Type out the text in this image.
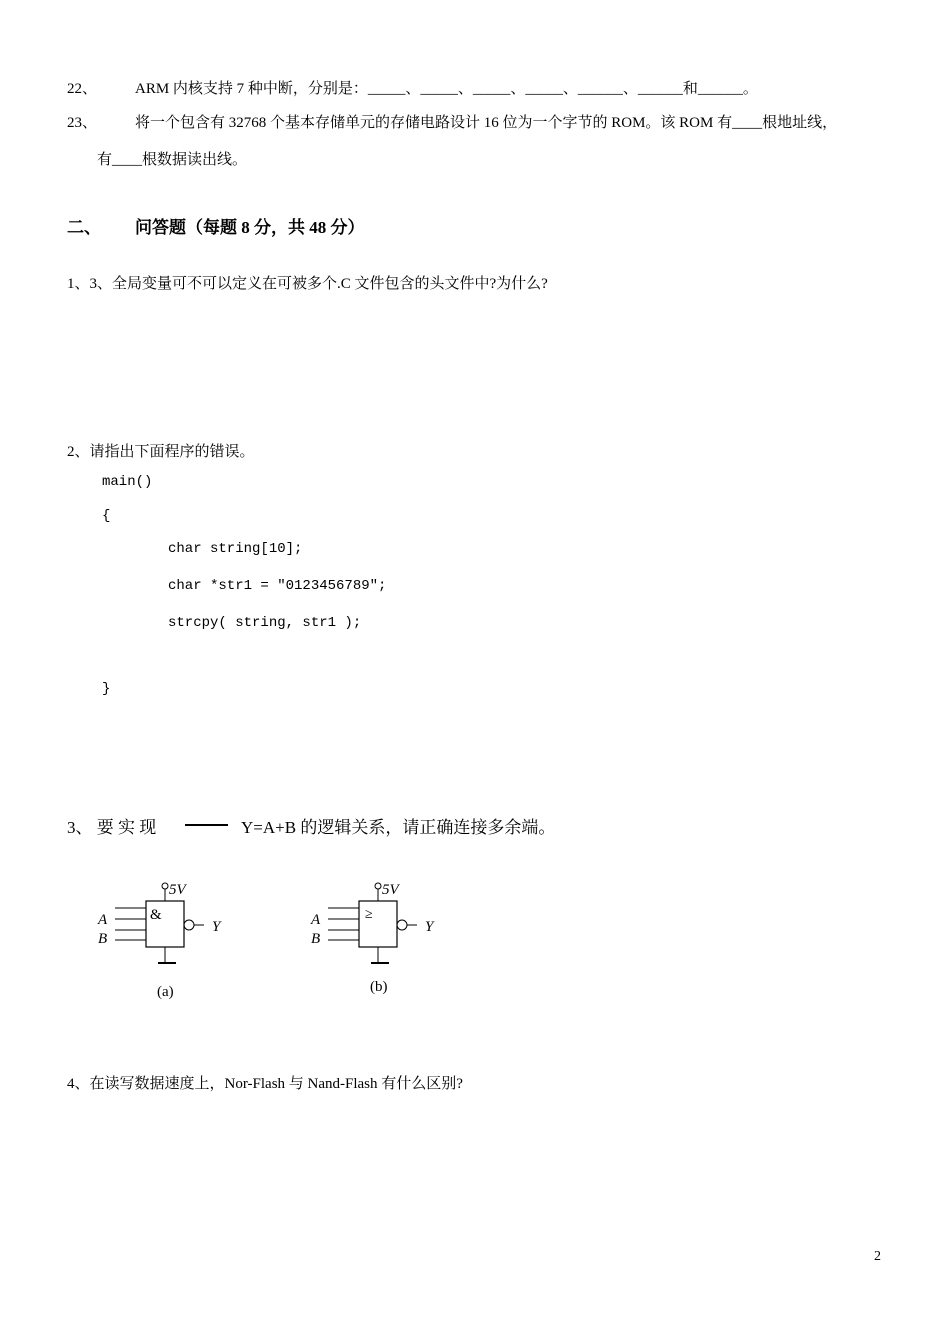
22、	ARM 内核支持 7 种中断，分别是：_____、_____、_____、_____、______、______和______。
23、	将一个包含有 32768 个基本存储单元的存储电路设计 16 位为一个字节的 ROM。该 ROM 有____根地址线，
有____根数据读出线。
二、 问答题（每题 8 分，共 48 分）
1、3、全局变量可不可以定义在可被多个.C 文件包含的头文件中?为什么?
2、请指出下面程序的错误。
main()
{
char string[10];
char *str1 = "0123456789";
strcpy( string, str1 );
}
3、 要 实 现	Y=A+B 的逻辑关系，请正确连接多余端。
5V
&
A
B
Y
(a)
5V
≥
A
B
Y
(b)
4、在读写数据速度上，Nor-Flash 与 Nand-Flash 有什么区别?
2
